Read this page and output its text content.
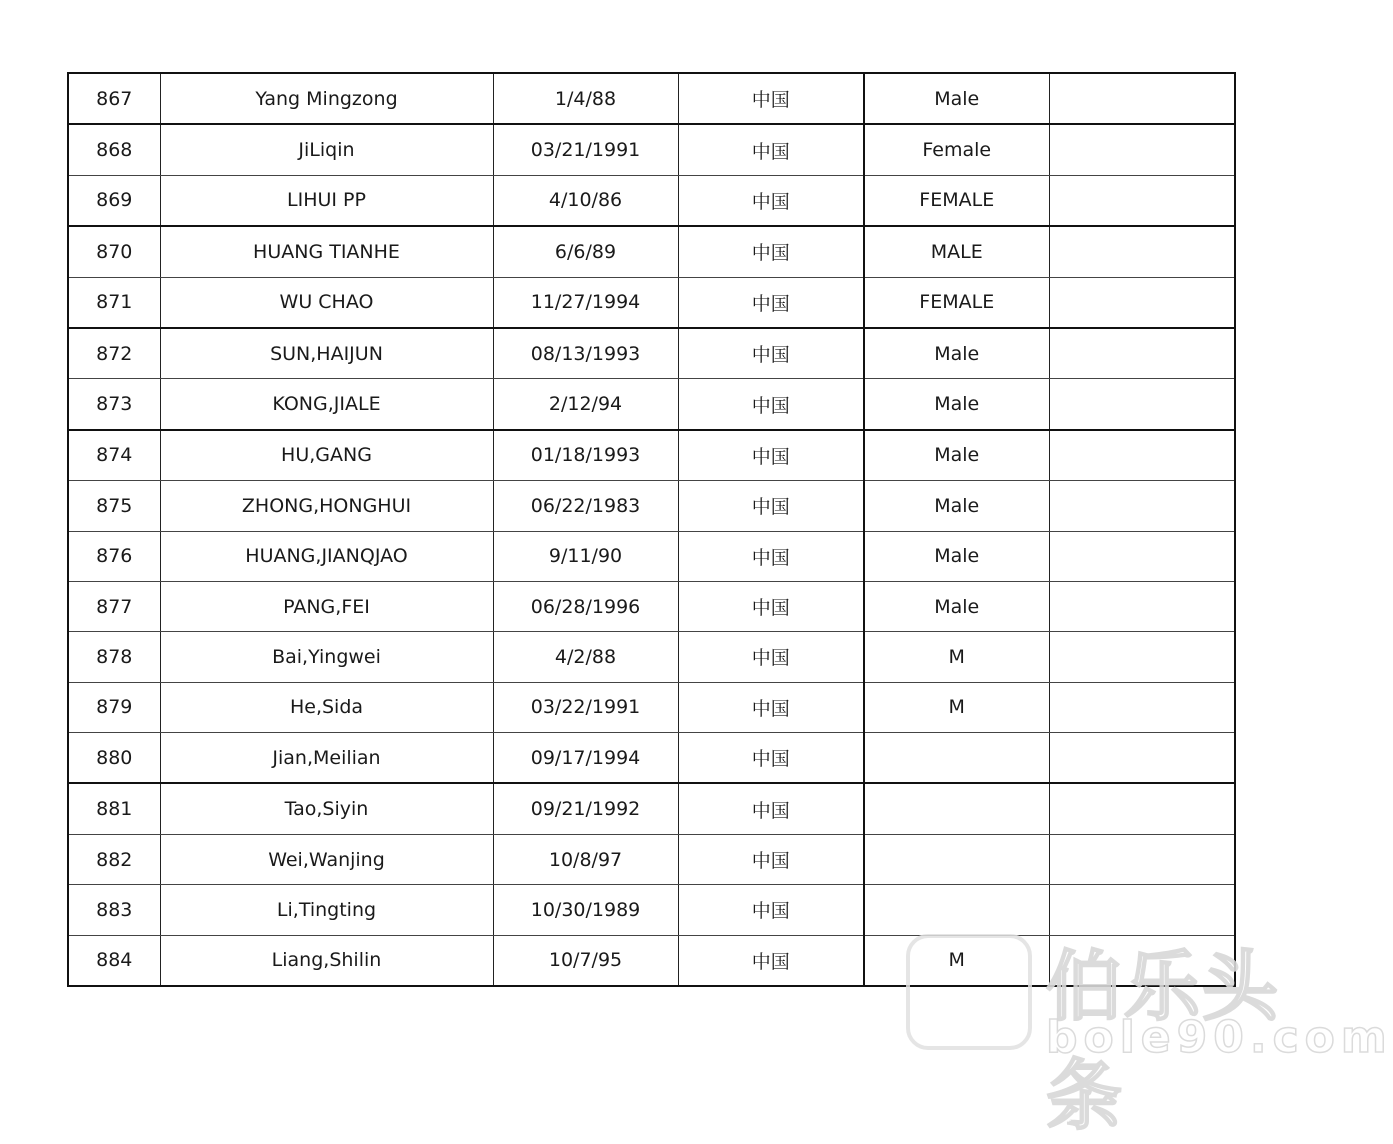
867	Yang Mingzong	1/4/88	中国	Male	
868	JiLiqin	03/21/1991	中国	Female	
869	LIHUI PP	4/10/86	中国	FEMALE	
870	HUANG TIANHE	6/6/89	中国	MALE	
871	WU CHAO	11/27/1994	中国	FEMALE	
872	SUN,HAIJUN	08/13/1993	中国	Male	
873	KONG,JIALE	2/12/94	中国	Male	
874	HU,GANG	01/18/1993	中国	Male	
875	ZHONG,HONGHUI	06/22/1983	中国	Male	
876	HUANG,JIANQJAO	9/11/90	中国	Male	
877	PANG,FEI	06/28/1996	中国	Male	
878	Bai,Yingwei	4/2/88	中国	M	
879	He,Sida	03/22/1991	中国	M	
880	Jian,Meilian	09/17/1994	中国		
881	Tao,Siyin	09/21/1992	中国		
882	Wei,Wanjing	10/8/97	中国		
883	Li,Tingting	10/30/1989	中国		
884	Liang,Shilin	10/7/95	中国	M	伯乐头条
bole90.com
